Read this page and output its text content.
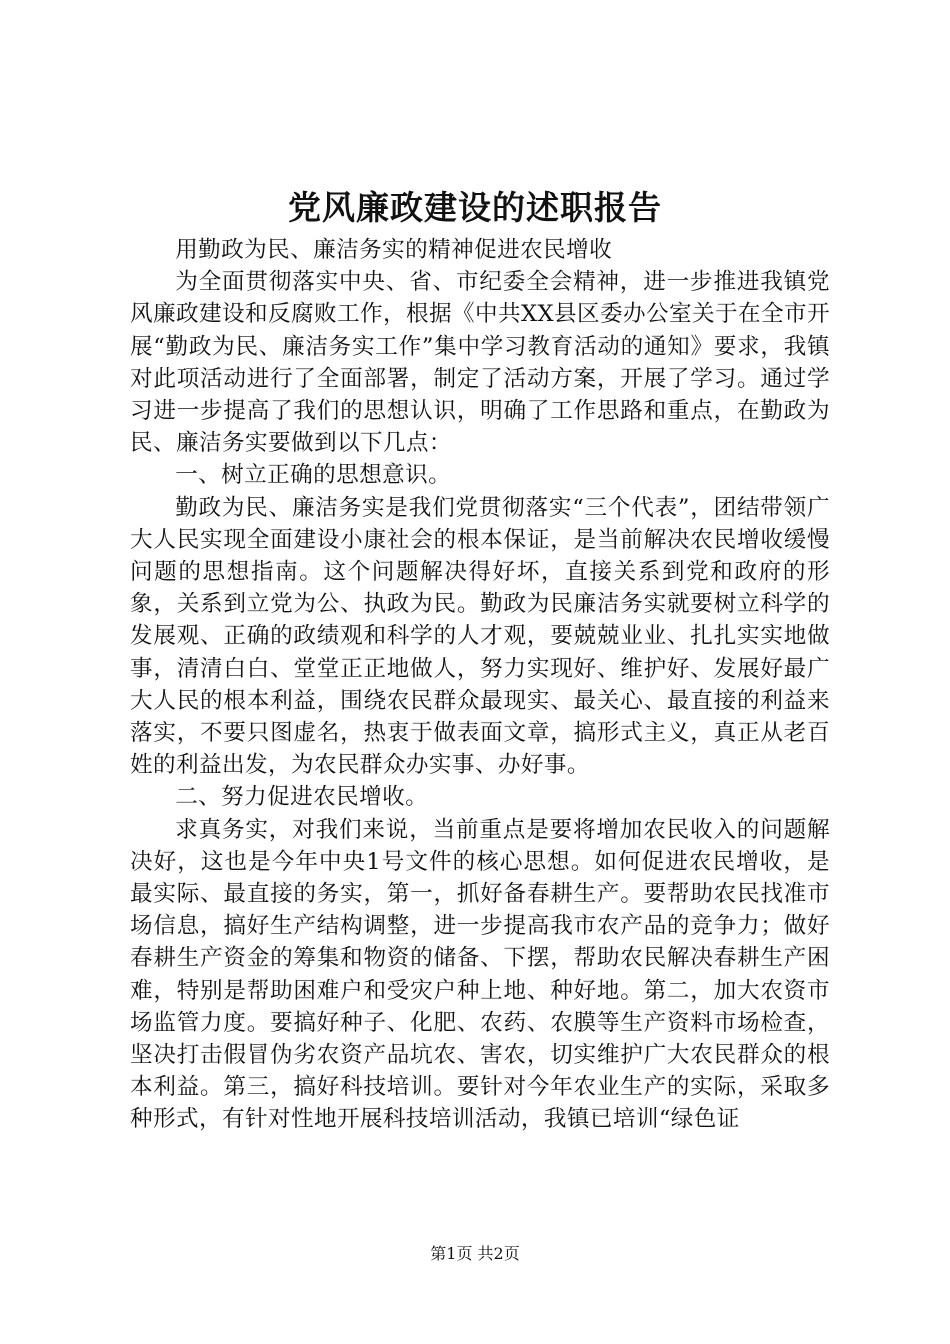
党风廉政建设的述职报告

用勤政为民、廉洁务实的精神促进农民增收

为全面贯彻落实中央、省、市纪委全会精神，进一步推进我镇党风廉政建设和反腐败工作，根据《中共XX县区委办公室关于在全市开展“勤政为民、廉洁务实工作”集中学习教育活动的通知》要求，我镇对此项活动进行了全面部署，制定了活动方案，开展了学习。通过学习进一步提高了我们的思想认识，明确了工作思路和重点，在勤政为民、廉洁务实要做到以下几点：

一、树立正确的思想意识。

勤政为民、廉洁务实是我们党贯彻落实“三个代表”，团结带领广大人民实现全面建设小康社会的根本保证，是当前解决农民增收缓慢问题的思想指南。这个问题解决得好坏，直接关系到党和政府的形象，关系到立党为公、执政为民。勤政为民廉洁务实就要树立科学的发展观、正确的政绩观和科学的人才观，要兢兢业业、扎扎实实地做事，清清白白、堂堂正正地做人，努力实现好、维护好、发展好最广大人民的根本利益，围绕农民群众最现实、最关心、最直接的利益来落实，不要只图虚名，热衷于做表面文章，搞形式主义，真正从老百姓的利益出发，为农民群众办实事、办好事。

二、努力促进农民增收。

求真务实，对我们来说，当前重点是要将增加农民收入的问题解决好，这也是今年中央1号文件的核心思想。如何促进农民增收，是最实际、最直接的务实，第一，抓好备春耕生产。要帮助农民找准市场信息，搞好生产结构调整，进一步提高我市农产品的竞争力；做好春耕生产资金的筹集和物资的储备、下摆，帮助农民解决春耕生产困难，特别是帮助困难户和受灾户种上地、种好地。第二，加大农资市场监管力度。要搞好种子、化肥、农药、农膜等生产资料市场检查，坚决打击假冒伪劣农资产品坑农、害农，切实维护广大农民群众的根本利益。第三，搞好科技培训。要针对今年农业生产的实际，采取多种形式，有针对性地开展科技培训活动，我镇已培训“绿色证

第1页 共2页
